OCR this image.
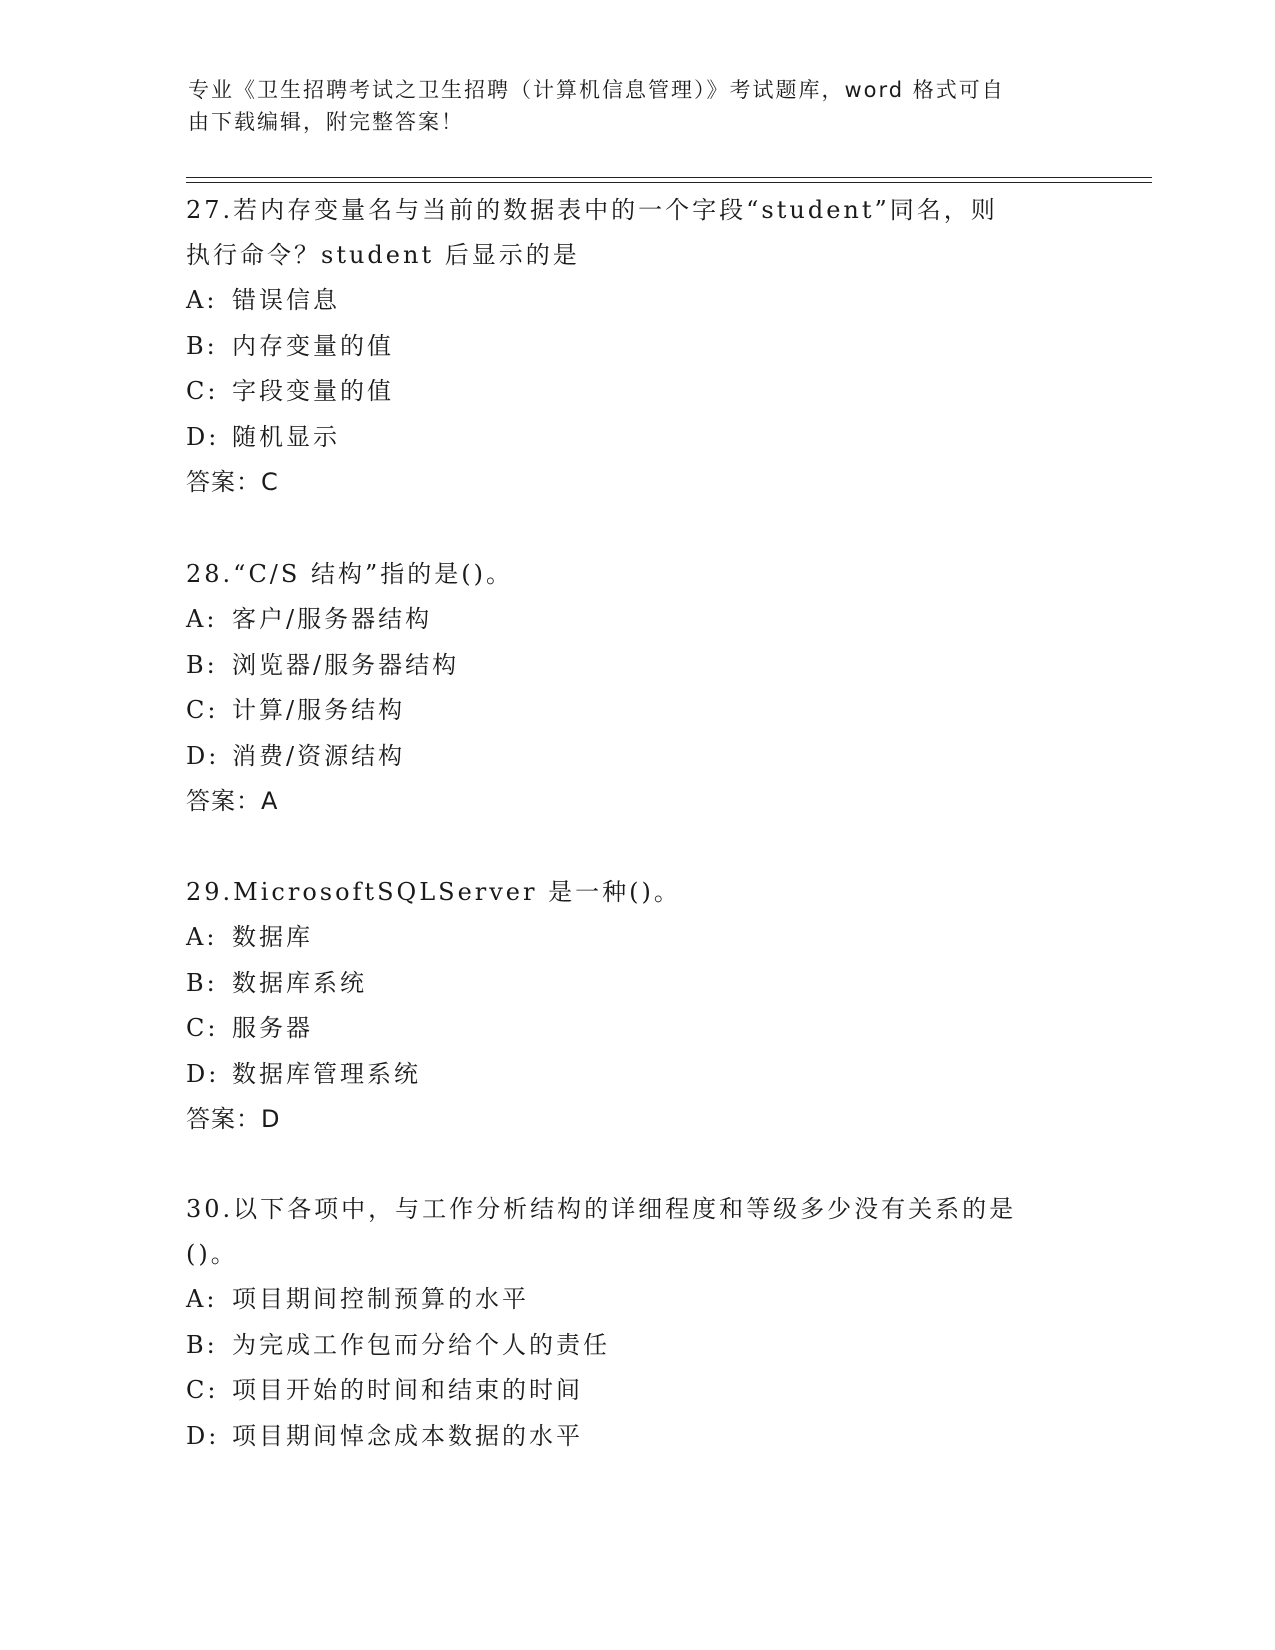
专业《卫生招聘考试之卫生招聘（计算机信息管理）》考试题库，word 格式可自
由下载编辑，附完整答案！

27.若内存变量名与当前的数据表中的一个字段“student”同名，则

执行命令？student 后显示的是

A: 错误信息

B: 内存变量的值

C: 字段变量的值

D: 随机显示

答案：C

28.“C/S 结构”指的是()。

A: 客户/服务器结构

B: 浏览器/服务器结构

C: 计算/服务结构

D: 消费/资源结构

答案：A

29.MicrosoftSQLServer 是一种()。

A: 数据库

B: 数据库系统

C: 服务器

D: 数据库管理系统

答案：D

30.以下各项中，与工作分析结构的详细程度和等级多少没有关系的是

()。

A: 项目期间控制预算的水平

B: 为完成工作包而分给个人的责任

C: 项目开始的时间和结束的时间

D: 项目期间悼念成本数据的水平
